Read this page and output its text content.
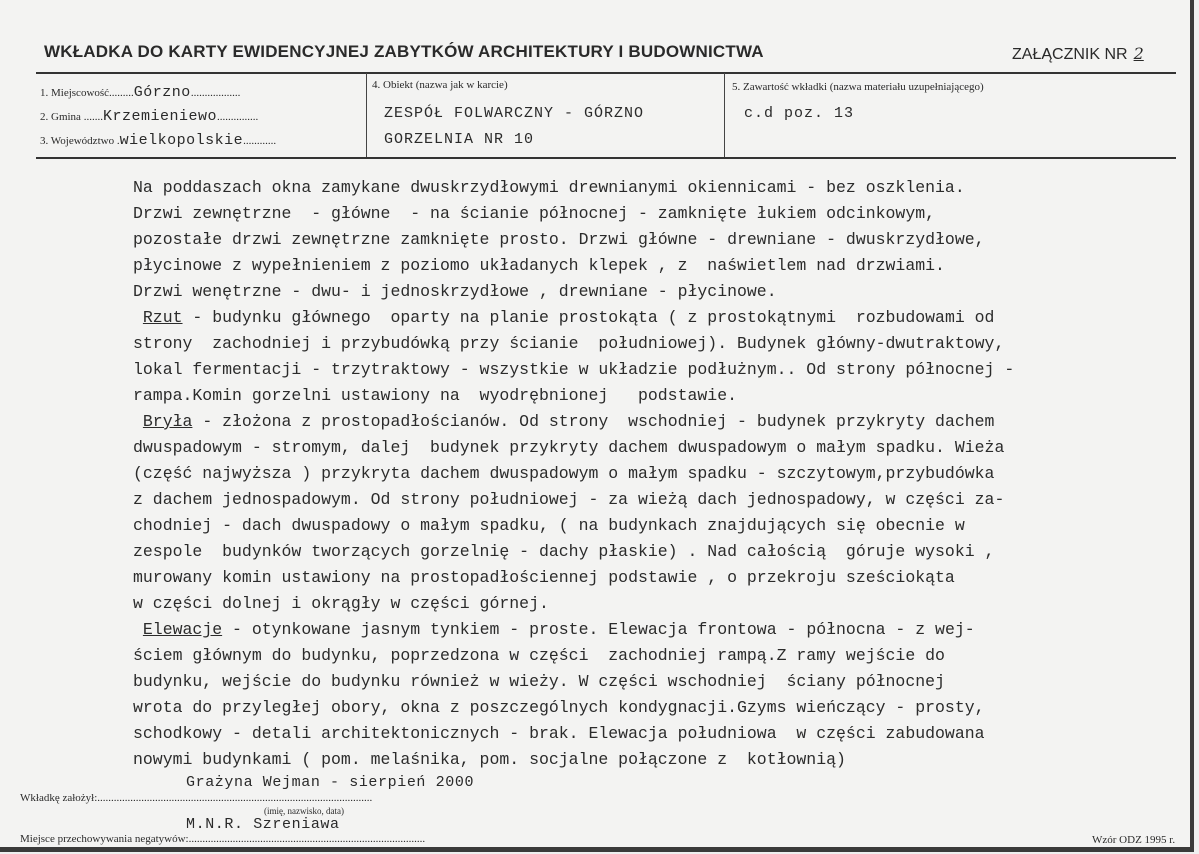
WKŁADKA DO KARTY EWIDENCYJNEJ ZABYTKÓW ARCHITEKTURY I BUDOWNICTWA	ZAŁĄCZNIK NR 2
1. Miejscowość.........Górzno..................
2. Gmina .......Krzemieniewo...............
3. Województwo .wielkopolskie............
4. Obiekt (nazwa jak w karcie)
ZESPÓŁ FOLWARCZNY - GÓRZNO
GORZELNIA NR 10
5. Zawartość wkładki (nazwa materiału uzupełniającego)
c.d poz. 13
Na poddaszach okna zamykane dwuskrzydłowymi drewnianymi okiennicami - bez oszklenia.
Drzwi zewnętrzne  - główne  - na ścianie północnej - zamknięte łukiem odcinkowym,
pozostałe drzwi zewnętrzne zamknięte prosto. Drzwi główne - drewniane - dwuskrzydłowe,
płycinowe z wypełnieniem z poziomo układanych klepek , z  naświetlem nad drzwiami.
Drzwi wenętrzne - dwu- i jednoskrzydłowe , drewniane - płycinowe.
Rzut - budynku głównego  oparty na planie prostokąta ( z prostokątnymi  rozbudowami od
strony  zachodniej i przybudówką przy ścianie  południowej). Budynek główny-dwutraktowy,
lokal fermentacji - trzytraktowy - wszystkie w układzie podłużnym.. Od strony północnej -
rampa.Komin gorzelni ustawiony na  wyodrębnionej   podstawie.
Bryła - złożona z prostopadłościanów. Od strony  wschodniej - budynek przykryty dachem
dwuspadowym - stromym, dalej  budynek przykryty dachem dwuspadowym o małym spadku. Wieża
(część najwyższa ) przykryta dachem dwuspadowym o małym spadku - szczytowym,przybudówka
z dachem jednospadowym. Od strony południowej - za wieżą dach jednospadowy, w części za-
chodniej - dach dwuspadowy o małym spadku, ( na budynkach znajdujących się obecnie w
zespole  budynków tworzących gorzelnię - dachy płaskie) . Nad całością  góruje wysoki ,
murowany komin ustawiony na prostopadłościennej podstawie , o przekroju sześciokąta
w części dolnej i okrągły w części górnej.
Elewacje - otynkowane jasnym tynkiem - proste. Elewacja frontowa - północna - z wej-
ściem głównym do budynku, poprzedzona w części  zachodniej rampą.Z ramy wejście do
budynku, wejście do budynku również w wieży. W części wschodniej  ściany północnej
wrota do przyległej obory, okna z poszczególnych kondygnacji.Gzyms wieńczący - prosty,
schodkowy - detali architektonicznych - brak. Elewacja południowa  w części zabudowana
nowymi budynkami ( pom. melaśnika, pom. socjalne połączone z  kotłownią)
Grażyna Wejman - sierpień 2000
Wkładkę założył:....................................................................................................
(imię, nazwisko, data)
M.N.R. Szreniawa
Miejsce przechowywania negatywów:......................................................................................	Wzór ODZ 1995 r.
